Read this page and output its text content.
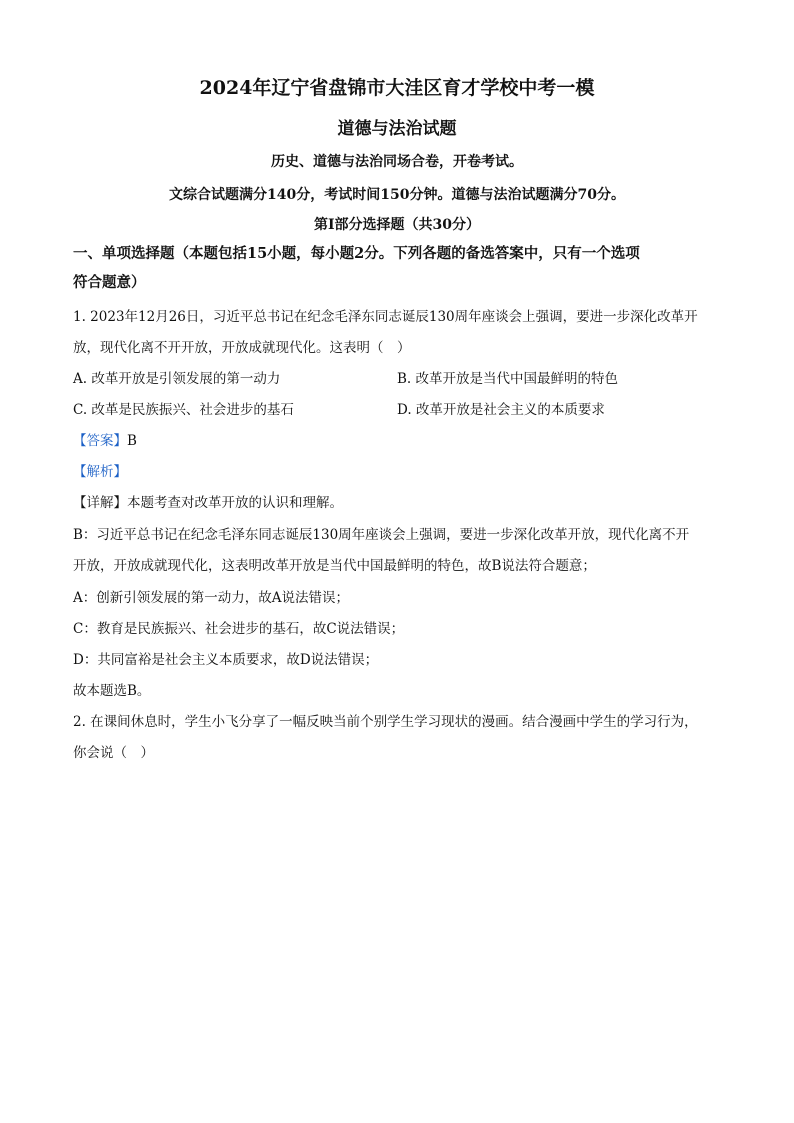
2024年辽宁省盘锦市大洼区育才学校中考一模
道德与法治试题
历史、道德与法治同场合卷，开卷考试。
文综合试题满分140分，考试时间150分钟。道德与法治试题满分70分。
第Ⅰ部分选择题（共30分）
一、单项选择题（本题包括15小题，每小题2分。下列各题的备选答案中，只有一个选项
符合题意）
1. 2023年12月26日，习近平总书记在纪念毛泽东同志诞辰130周年座谈会上强调，要进一步深化改革开
放，现代化离不开开放，开放成就现代化。这表明（　）
A. 改革开放是引领发展的第一动力	B. 改革开放是当代中国最鲜明的特色
C. 改革是民族振兴、社会进步的基石	D. 改革开放是社会主义的本质要求
【答案】B
【解析】
【详解】本题考查对改革开放的认识和理解。
B：习近平总书记在纪念毛泽东同志诞辰130周年座谈会上强调，要进一步深化改革开放，现代化离不开
开放，开放成就现代化，这表明改革开放是当代中国最鲜明的特色，故B说法符合题意；
A：创新引领发展的第一动力，故A说法错误；
C：教育是民族振兴、社会进步的基石，故C说法错误；
D：共同富裕是社会主义本质要求，故D说法错误；
故本题选B。
2. 在课间休息时，学生小飞分享了一幅反映当前个别学生学习现状的漫画。结合漫画中学生的学习行为，
你会说（　）
